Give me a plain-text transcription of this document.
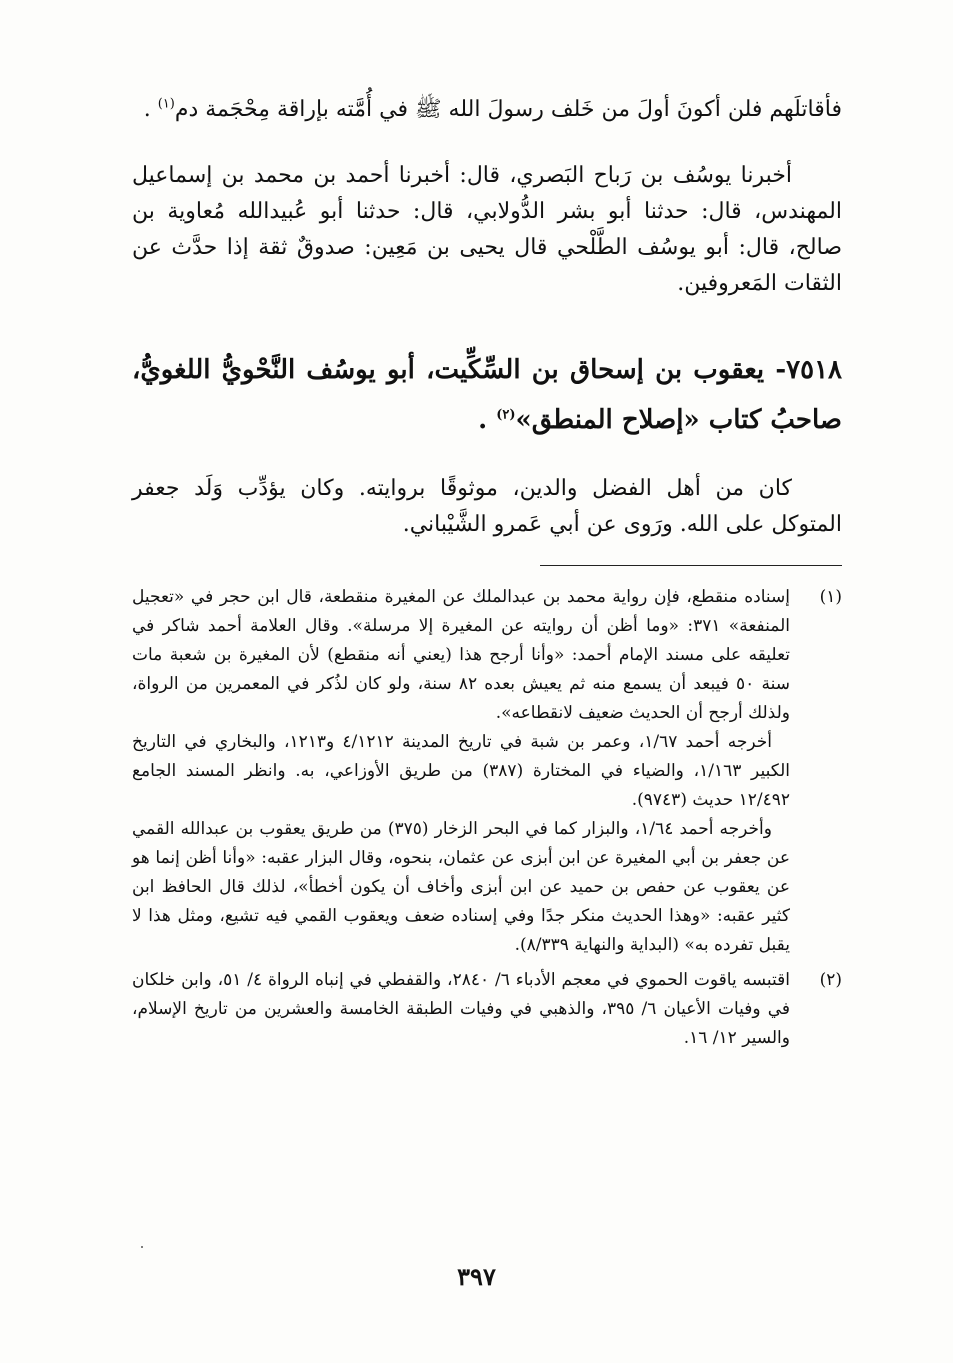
فأقاتلَهم فلن أكونَ أولَ من خَلف رسولَ الله ﷺ في أُمَّته بإراقة مِحْجَمة دم$^{(١)}$ .
أخبرنا يوسُف بن رَباح البَصري، قال: أخبرنا أحمد بن محمد بن إسماعيل المهندس، قال: حدثنا أبو بشر الدُّولابي، قال: حدثنا أبو عُبيدالله مُعاوية بن صالح، قال: أبو يوسُف الطَّلْحي قال يحيى بن مَعِين: صدوقٌ ثقة إذا حدَّث عن الثقات المَعروفين.
٧٥١٨- يعقوب بن إسحاق بن السِّكِّيت، أبو يوسُف النَّحْويُّ اللغويُّ، صاحبُ كتاب «إصلاح المنطق»$^{(٢)}$ .
كان من أهل الفضل والدين، موثوقًا بروايته. وكان يؤدِّب وَلَد جعفر المتوكل على الله. ورَوى عن أبي عَمرو الشَّيْباني.
(١)

إسناده منقطع، فإن رواية محمد بن عبدالملك عن المغيرة منقطعة، قال ابن حجر في «تعجيل المنفعة» ٣٧١: «وما أظن أن روايته عن المغيرة إلا مرسلة». وقال العلامة أحمد شاكر في تعليقه على مسند الإمام أحمد: «وأنا أرجح هذا (يعني أنه منقطع) لأن المغيرة بن شعبة مات سنة ٥٠ فيبعد أن يسمع منه ثم يعيش بعده ٨٢ سنة، ولو كان لذُكر في المعمرين من الرواة، ولذلك أرجح أن الحديث ضعيف لانقطاعه».

أخرجه أحمد ١/٦٧، وعمر بن شبة في تاريخ المدينة ٤/١٢١٢ و١٢١٣، والبخاري في التاريخ الكبير ١/١٦٣، والضياء في المختارة (٣٨٧) من طريق الأوزاعي، به. وانظر المسند الجامع ١٢/٤٩٢ حديث (٩٧٤٣).

وأخرجه أحمد ١/٦٤، والبزار كما في البحر الزخار (٣٧٥) من طريق يعقوب بن عبدالله القمي عن جعفر بن أبي المغيرة عن ابن أبزى عن عثمان، بنحوه، وقال البزار عقبه: «وأنا أظن إنما هو عن يعقوب عن حفص بن حميد عن ابن أبزى وأخاف أن يكون أخطأ»، لذلك قال الحافظ ابن كثير عقبه: «وهذا الحديث منكر جدًا وفي إسناده ضعف ويعقوب القمي فيه تشيع، ومثل هذا لا يقبل تفرده به» (البداية والنهاية ٨/٣٣٩).

(٢)

اقتبسه ياقوت الحموي في معجم الأدباء ٦/ ٢٨٤٠، والقفطي في إنباه الرواة ٤/ ٥١، وابن خلكان في وفيات الأعيان ٦/ ٣٩٥، والذهبي في وفيات الطبقة الخامسة والعشرين من تاريخ الإسلام، والسير ١٢/ ١٦.

٣٩٧
